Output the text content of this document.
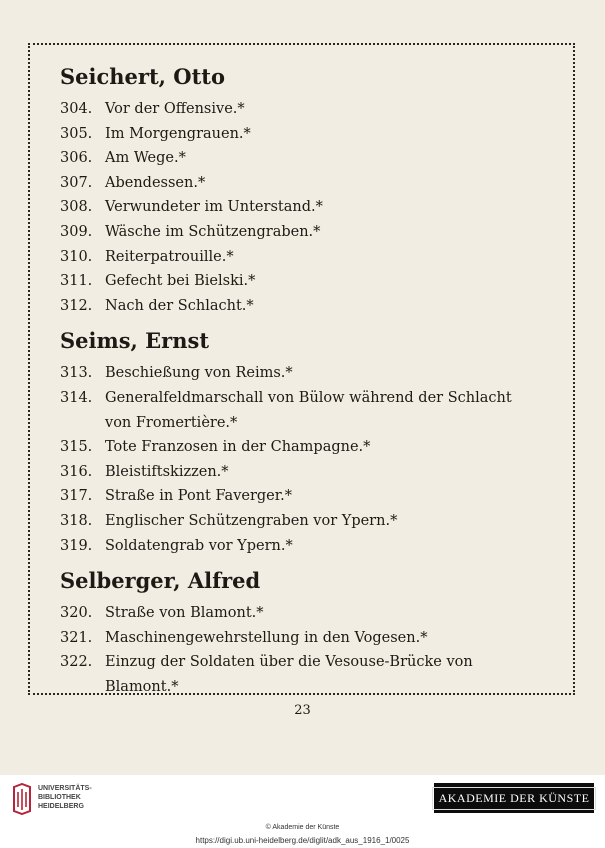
Seichert, Otto
304. Vor der Offensive.*
305. Im Morgengrauen.*
306. Am Wege.*
307. Abendessen.*
308. Verwundeter im Unterstand.*
309. Wäsche im Schützengraben.*
310. Reiterpatrouille.*
311. Gefecht bei Bielski.*
312. Nach der Schlacht.*
Seims, Ernst
313. Beschießung von Reims.*
314. Generalfeldmarschall von Bülow während der Schlacht von Fromertière.*
315. Tote Franzosen in der Champagne.*
316. Bleistiftskizzen.*
317. Straße in Pont Faverger.*
318. Englischer Schützengraben vor Ypern.*
319. Soldatengrab vor Ypern.*
Selberger, Alfred
320. Straße von Blamont.*
321. Maschinengewehrstellung in den Vogesen.*
322. Einzug der Soldaten über die Vesouse-Brücke von Blamont.*
23
UNIVERSITÄTS-
BIBLIOTHEK
HEIDELBERG
AKADEMIE DER KÜNSTE
© Akademie der Künste
https://digi.ub.uni-heidelberg.de/diglit/adk_aus_1916_1/0025
